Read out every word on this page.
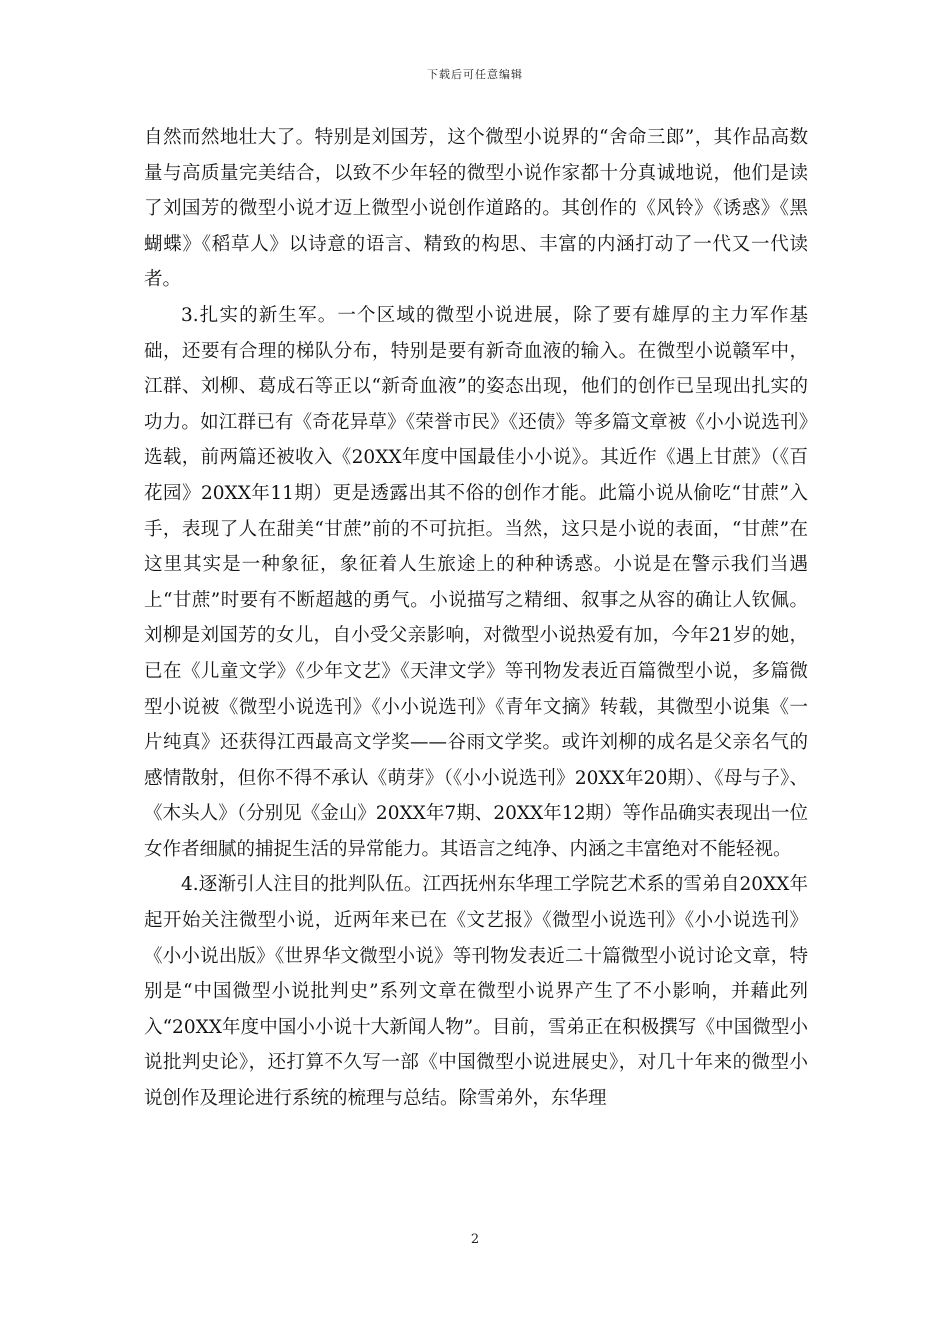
下载后可任意编辑

自然而然地壮大了。特别是刘国芳，这个微型小说界的“舍命三郎”，其作品高数量与高质量完美结合，以致不少年轻的微型小说作家都十分真诚地说，他们是读了刘国芳的微型小说才迈上微型小说创作道路的。其创作的《风铃》《诱惑》《黑蝴蝶》《稻草人》以诗意的语言、精致的构思、丰富的内涵打动了一代又一代读者。

3.扎实的新生军。一个区域的微型小说进展，除了要有雄厚的主力军作基础，还要有合理的梯队分布，特别是要有新奇血液的输入。在微型小说赣军中，江群、刘柳、葛成石等正以“新奇血液”的姿态出现，他们的创作已呈现出扎实的功力。如江群已有《奇花异草》《荣誉市民》《还债》等多篇文章被《小小说选刊》选载，前两篇还被收入《20XX年度中国最佳小小说》。其近作《遇上甘蔗》（《百花园》20XX年11期）更是透露出其不俗的创作才能。此篇小说从偷吃“甘蔗”入手，表现了人在甜美“甘蔗”前的不可抗拒。当然，这只是小说的表面，“甘蔗”在这里其实是一种象征，象征着人生旅途上的种种诱惑。小说是在警示我们当遇上“甘蔗”时要有不断超越的勇气。小说描写之精细、叙事之从容的确让人钦佩。刘柳是刘国芳的女儿，自小受父亲影响，对微型小说热爱有加，今年21岁的她，已在《儿童文学》《少年文艺》《天津文学》等刊物发表近百篇微型小说，多篇微型小说被《微型小说选刊》《小小说选刊》《青年文摘》转载，其微型小说集《一片纯真》还获得江西最高文学奖——谷雨文学奖。或许刘柳的成名是父亲名气的感情散射，但你不得不承认《萌芽》（《小小说选刊》20XX年20期）、《母与子》、《木头人》（分别见《金山》20XX年7期、20XX年12期）等作品确实表现出一位女作者细腻的捕捉生活的异常能力。其语言之纯净、内涵之丰富绝对不能轻视。

4.逐渐引人注目的批判队伍。江西抚州东华理工学院艺术系的雪弟自20XX年起开始关注微型小说，近两年来已在《文艺报》《微型小说选刊》《小小说选刊》《小小说出版》《世界华文微型小说》等刊物发表近二十篇微型小说讨论文章，特别是“中国微型小说批判史”系列文章在微型小说界产生了不小影响，并藉此列入“20XX年度中国小小说十大新闻人物”。目前，雪弟正在积极撰写《中国微型小说批判史论》，还打算不久写一部《中国微型小说进展史》，对几十年来的微型小说创作及理论进行系统的梳理与总结。除雪弟外，东华理

2
